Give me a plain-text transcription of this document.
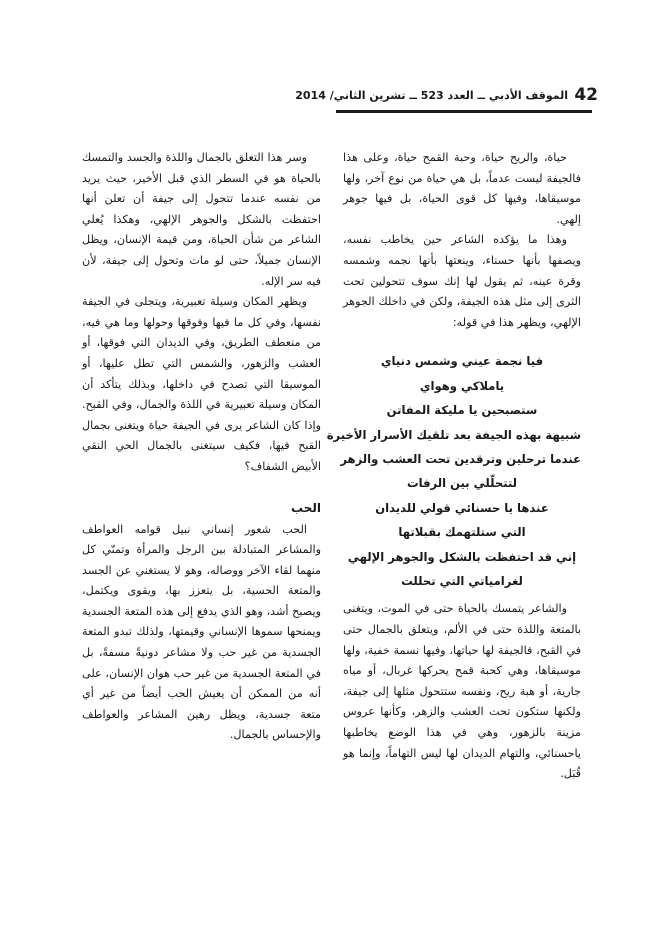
42
الموقف الأدبي ــ العدد 523 ــ تشرين الثاني/ 2014

حياة، والريح حياة، وحبة القمح حياة، وعلى هذا فالجيفة ليست عدماً، بل هي حياة من نوع آخر، ولها موسيقاها، وفيها كل قوى الحياة، بل فيها جوهر إلهي.

وهذا ما يؤكده الشاعر حين يخاطب نفسه، ويصفها بأنها حسناء، وينعتها بأنها نجمه وشمسه وقرة عينه، ثم يقول لها إنك سوف تتحولين تحت الثرى إلى مثل هذه الجيفة، ولكن في داخلك الجوهر الإلهي، ويظهر هذا في قوله:

فيا نجمة عيني وشمس دنياي
ياملاكي وهواي
ستصبحين يا مليكة المفاتن
شبيهة بهذه الجيفة بعد تلقيك الأسرار الأخيرة
عندما ترحلين وترقدين تحت العشب والزهر
لتتحلّلي بين الرفات
عندها يا حسنائي قولي للديدان
التي ستلتهمك بقبلاتها
إني قد احتفظت بالشكل والجوهر الإلهي
لغرامياتي التي تحللت

والشاعر يتمسك بالحياة حتى في الموت، ويتغنى بالمتعة واللذة حتى في الألم، ويتعلق بالجمال حتى في القبح، فالجيفة لها حياتها، وفيها نسمة خفية، ولها موسيقاها، وهي كحبة قمح يحركها غربال، أو مياه جارية، أو هبة ريح، ونفسه ستتحول مثلها إلى جيفة، ولكنها ستكون تحت العشب والزهر، وكأنها عروس مزينة بالزهور، وهي في هذا الوضع يخاطبها ياحسنائي، والتهام الديدان لها ليس التهاماً، وإنما هو قُبَل.

وسر هذا التعلق بالجمال واللذة والجسد والتمسك بالحياة هو في السطر الذي قبل الأخير، حيث يريد من نفسه عندما تتحول إلى جيفة أن تعلن أنها احتفظت بالشكل والجوهر الإلهي، وهكذا يُعلي الشاعر من شأن الحياة، ومن قيمة الإنسان، ويظل الإنسان جميلاً، حتى لو مات وتحول إلى جيفة، لأن فيه سر الإله.

ويظهر المكان وسيلة تعبيرية، ويتجلى في الجيفة نفسها، وفي كل ما فيها وفوقها وحولها وما هي فيه، من منعطف الطريق، وفي الديدان التي فوقها، أو العشب والزهور، والشمس التي تطل عليها، أو الموسيقا التي تصدح في داخلها، وبذلك يتأكد أن المكان وسيلة تعبيرية في اللذة والجمال، وفي القبح. وإذا كان الشاعر يرى في الجيفة حياة ويتغنى بجمال القبح فيها، فكيف سيتغنى بالجمال الحي النقي الأبيض الشفاف؟

الحب

الحب شعور إنساني نبيل قوامه العواطف والمشاعر المتبادلة بين الرجل والمرأة وتمنّي كل منهما لقاء الآخر ووصاله، وهو لا يستغني عن الجسد والمتعة الحسية، بل يتعزز بها، ويقوى ويكتمل، ويصبح أشد، وهو الذي يدفع إلى هذه المتعة الجسدية ويمنحها سموها الإنساني وقيمتها، ولذلك تبدو المتعة الجسدية من غير حب ولا مشاعر دونيةً مسفةً، بل في المتعة الجسدية من غير حب هوان الإنسان، على أنه من الممكن أن يعيش الحب أيضاً من غير أي متعة جسدية، ويظل رهين المشاعر والعواطف والإحساس بالجمال.
